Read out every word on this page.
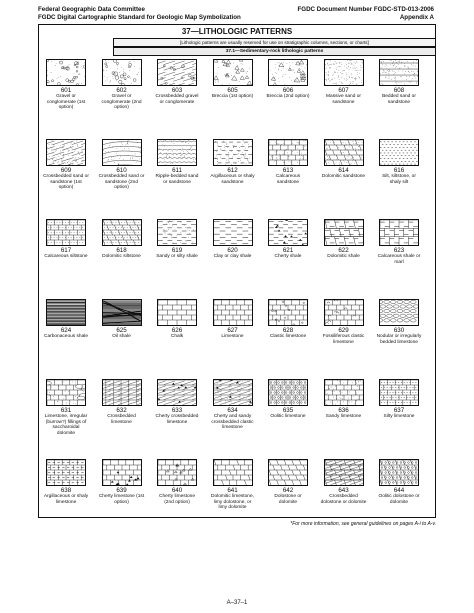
Federal Geographic Data Committee
FGDC Digital Cartographic Standard for Geologic Map Symbolization
FGDC Document Number FGDC-STD-013-2006
Appendix A
37—LITHOLOGIC PATTERNS
[Lithologic patterns are usually reserved for use on stratigraphic columns, sections, or charts]
37.1—Sedimentary-rock lithologic patterns
601
Gravel or conglomerate (1st option)
602
Gravel or conglomerate (2nd option)
603
Crossbedded gravel or conglomerate
605
Breccia (1st option)
606
Breccia (2nd option)
607
Massive sand or sandstone
608
Bedded sand or sandstone
609
Crossbedded sand or sandstone (1st option)
610
Crossbedded sand or sandstone (2nd option)
611
Ripple-bedded sand or sandstone
612
Argillaceous or shaly sandstone
613
Calcareous sandstone
614
Dolomitic sandstone
616
Silt, siltstone, or shaly silt
617
Calcareous siltstone
618
Dolomitic siltstone
619
Sandy or silty shale
620
Clay or clay shale
621
Cherty shale
622
Dolomitic shale
623
Calcareous shale or marl
624
Carbonaceous shale
625
Oil shale
626
Chalk
627
Limestone
628
Clastic limestone
629
Fossiliferous clastic limestone
630
Nodular or irregularly bedded limestone
631
Limestone, irregular (burrow?) fillings of saccharoidal dolomite
632
Crossbedded limestone
633
Cherty crossbedded limestone
634
Cherty and sandy crossbedded clastic limestone
635
Oolitic limestone
636
Sandy limestone
637
Silty limestone
638
Argillaceous or shaly limestone
639
Cherty limestone (1st option)
640
Cherty limestone (2nd option)
641
Dolomitic limestone, limy dolostone, or limy dolomite
642
Dolostone or dolomite
643
Crossbedded dolostone or dolomite
644
Oolitic dolostone or dolomite
*For more information, see general guidelines on pages A-i to A-v.
A–37–1
